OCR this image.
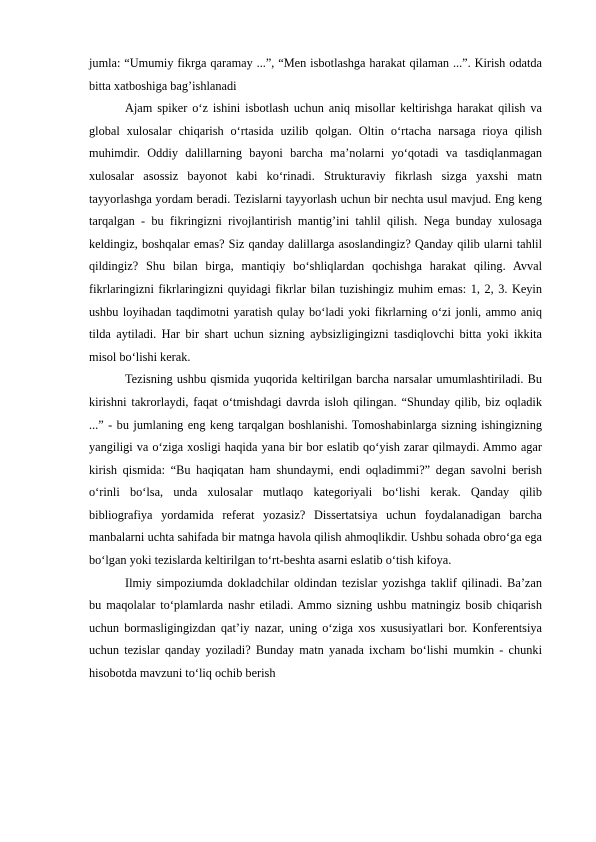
jumla: “Umumiy fikrga qaramay ...”, “Men isbotlashga harakat qilaman ...”. Kirish odatda bitta xatboshiga bag’ishlanadi

Ajam spiker o‘z ishini isbotlash uchun aniq misollar keltirishga harakat qilish va global xulosalar chiqarish o‘rtasida uzilib qolgan. Oltin o‘rtacha narsaga rioya qilish muhimdir. Oddiy dalillarning bayoni barcha ma’nolarni yo‘qotadi va tasdiqlanmagan xulosalar asossiz bayonot kabi ko‘rinadi. Strukturaviy fikrlash sizga yaxshi matn tayyorlashga yordam beradi. Tezislarni tayyorlash uchun bir nechta usul mavjud. Eng keng tarqalgan - bu fikringizni rivojlantirish mantig’ini tahlil qilish. Nega bunday xulosaga keldingiz, boshqalar emas? Siz qanday dalillarga asoslandingiz? Qanday qilib ularni tahlil qildingiz? Shu bilan birga, mantiqiy bo‘shliqlardan qochishga harakat qiling. Avval fikrlaringizni fikrlaringizni quyidagi fikrlar bilan tuzishingiz muhim emas: 1, 2, 3. Keyin ushbu loyihadan taqdimotni yaratish qulay bo‘ladi yoki fikrlarning o‘zi jonli, ammo aniq tilda aytiladi. Har bir shart uchun sizning aybsizligingizni tasdiqlovchi bitta yoki ikkita misol bo‘lishi kerak.

Tezisning ushbu qismida yuqorida keltirilgan barcha narsalar umumlashtiriladi. Bu kirishni takrorlaydi, faqat o‘tmishdagi davrda isloh qilingan. “Shunday qilib, biz oqladik ...” - bu jumlaning eng keng tarqalgan boshlanishi. Tomoshabinlarga sizning ishingizning yangiligi va o‘ziga xosligi haqida yana bir bor eslatib qo‘yish zarar qilmaydi. Ammo agar kirish qismida: “Bu haqiqatan ham shundaymi, endi oqladimmi?” degan savolni berish o‘rinli bo‘lsa, unda xulosalar mutlaqo kategoriyali bo‘lishi kerak. Qanday qilib bibliografiya yordamida referat yozasiz? Dissertatsiya uchun foydalanadigan barcha manbalarni uchta sahifada bir matnga havola qilish ahmoqlikdir. Ushbu sohada obro‘ga ega bo‘lgan yoki tezislarda keltirilgan to‘rt-beshta asarni eslatib o‘tish kifoya.

Ilmiy simpoziumda dokladchilar oldindan tezislar yozishga taklif qilinadi. Ba’zan bu maqolalar to‘plamlarda nashr etiladi. Ammo sizning ushbu matningiz bosib chiqarish uchun bormasligingizdan qat’iy nazar, uning o‘ziga xos xususiyatlari bor. Konferentsiya uchun tezislar qanday yoziladi? Bunday matn yanada ixcham bo‘lishi mumkin - chunki hisobotda mavzuni to‘liq ochib berish
